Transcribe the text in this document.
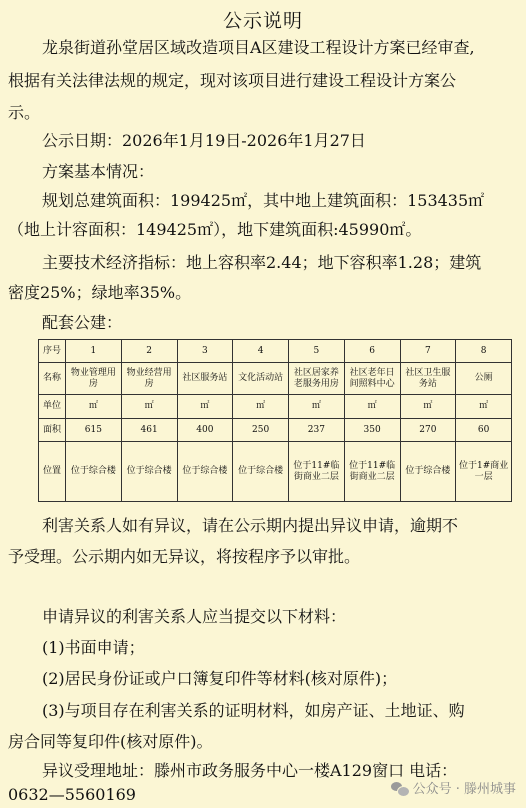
公示说明
龙泉街道孙堂居区域改造项目A区建设工程设计方案已经审查,
根据有关法律法规的规定，现对该项目进行建设工程设计方案公
示。
公示日期：2026年1月19日-2026年1月27日
方案基本情况：
规划总建筑面积：199425㎡，其中地上建筑面积：153435㎡
（地上计容面积：149425㎡），地下建筑面积:45990㎡。
主要技术经济指标：地上容积率2.44；地下容积率1.28；建筑
密度25%；绿地率35%。
配套公建：
序号	1	2	3	4	5	6	7	8
名称	物业管理用房	物业经营用房	社区服务站	文化活动站	社区居家养老服务用房	社区老年日间照料中心	社区卫生服务站	公厕
单位	㎡	㎡	㎡	㎡	㎡	㎡	㎡	㎡
面积	615	461	400	250	237	350	270	60
位置	位于综合楼	位于综合楼	位于综合楼	位于综合楼	位于11#临街商业二层	位于11#临街商业二层	位于综合楼	位于1#商业一层
利害关系人如有异议，请在公示期内提出异议申请，逾期不
予受理。公示期内如无异议，将按程序予以审批。
申请异议的利害关系人应当提交以下材料：
(1)书面申请；
(2)居民身份证或户口簿复印件等材料(核对原件)；
(3)与项目存在利害关系的证明材料，如房产证、土地证、购
房合同等复印件(核对原件)。
异议受理地址：滕州市政务服务中心一楼A129窗口 电话：
0632—5560169	公众号 · 滕州城事
